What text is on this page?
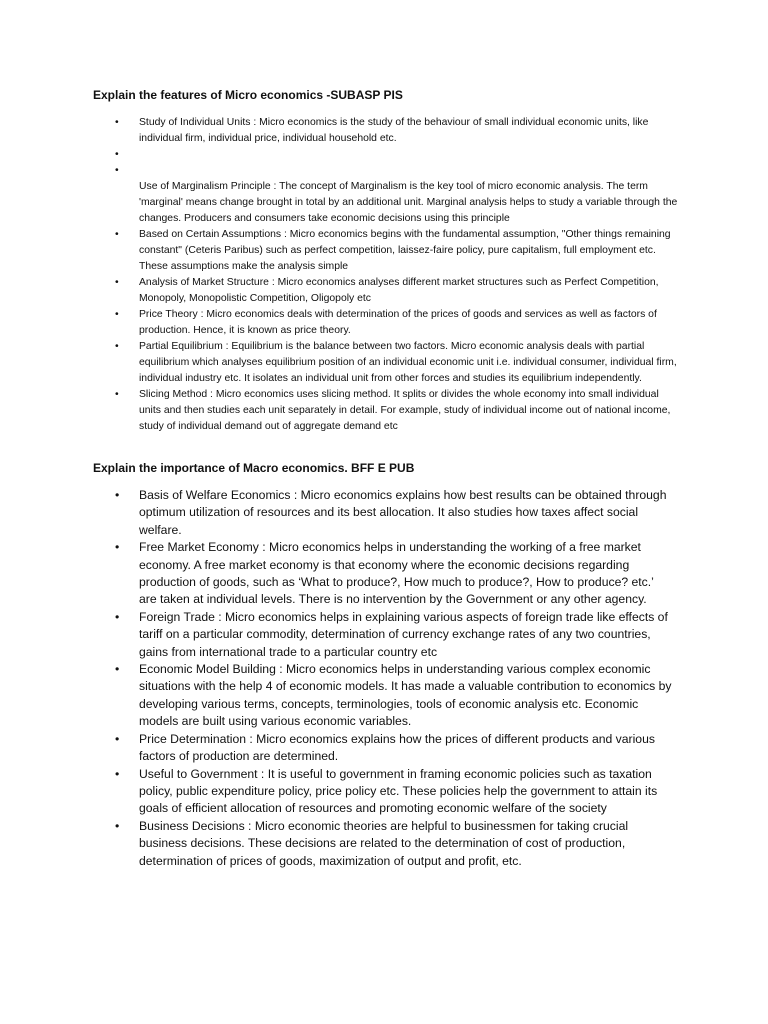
Explain the features of Micro economics -SUBASP PIS
• Study of Individual Units : Micro economics is the study of the behaviour of small individual economic units, like individual firm, individual price, individual household etc.
•
• Use of Marginalism Principle : The concept of Marginalism is the key tool of micro economic analysis. The term 'marginal' means change brought in total by an additional unit. Marginal analysis helps to study a variable through the changes. Producers and consumers take economic decisions using this principle
• Based on Certain Assumptions : Micro economics begins with the fundamental assumption, "Other things remaining constant" (Ceteris Paribus) such as perfect competition, laissez-faire policy, pure capitalism, full employment etc. These assumptions make the analysis simple
• Analysis of Market Structure : Micro economics analyses different market structures such as Perfect Competition, Monopoly, Monopolistic Competition, Oligopoly etc
• Price Theory : Micro economics deals with determination of the prices of goods and services as well as factors of production. Hence, it is known as price theory.
• Partial Equilibrium : Equilibrium is the balance between two factors. Micro economic analysis deals with partial equilibrium which analyses equilibrium position of an individual economic unit i.e. individual consumer, individual firm, individual industry etc. It isolates an individual unit from other forces and studies its equilibrium independently.
• Slicing Method : Micro economics uses slicing method. It splits or divides the whole economy into small individual units and then studies each unit separately in detail. For example, study of individual income out of national income, study of individual demand out of aggregate demand etc
Explain the importance of Macro economics. BFF E PUB
• Basis of Welfare Economics : Micro economics explains how best results can be obtained through optimum utilization of resources and its best allocation. It also studies how taxes affect social welfare.
• Free Market Economy : Micro economics helps in understanding the working of a free market economy. A free market economy is that economy where the economic decisions regarding production of goods, such as ‘What to produce?, How much to produce?, How to produce? etc.’ are taken at individual levels. There is no intervention by the Government or any other agency.
• Foreign Trade : Micro economics helps in explaining various aspects of foreign trade like effects of tariff on a particular commodity, determination of currency exchange rates of any two countries, gains from international trade to a particular country etc
• Economic Model Building : Micro economics helps in understanding various complex economic situations with the help 4 of economic models. It has made a valuable contribution to economics by developing various terms, concepts, terminologies, tools of economic analysis etc. Economic models are built using various economic variables.
• Price Determination : Micro economics explains how the prices of different products and various factors of production are determined.
• Useful to Government : It is useful to government in framing economic policies such as taxation policy, public expenditure policy, price policy etc. These policies help the government to attain its goals of efficient allocation of resources and promoting economic welfare of the society
• Business Decisions : Micro economic theories are helpful to businessmen for taking crucial business decisions. These decisions are related to the determination of cost of production, determination of prices of goods, maximization of output and profit, etc.
